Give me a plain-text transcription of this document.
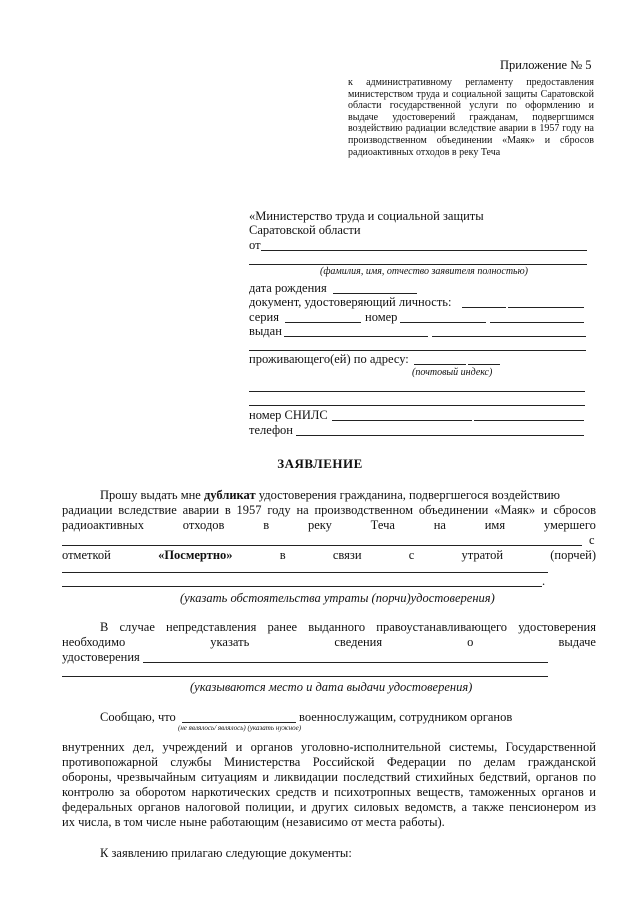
Приложение № 5
к административному регламенту предоставления министерством труда и социальной защиты Саратовской области государственной услуги по оформлению и выдаче удостоверений гражданам, подвергшимся воздействию радиации вследствие аварии в 1957 году на производственном объединении «Маяк» и сбросов радиоактивных отходов в реку Теча
«Министерство труда и социальной защиты
Саратовской области
от
(фамилия, имя, отчество заявителя полностью)
дата рождения
документ, удостоверяющий личность:
серия	номер
выдан
проживающего(ей) по адресу:
(почтовый индекс)
номер СНИЛС
телефон
ЗАЯВЛЕНИЕ
Прошу выдать мне дубликат удостоверения гражданина, подвергшегося воздействию
радиации вследствие аварии в 1957 году на производственном объединении «Маяк» и сбросов
радиоактивных	отходов	в	реку	Теча	на	имя	умершего
с
отметкой	«Посмертно»	в	связи	с	утратой	(порчей)
.
(указать обстоятельства утраты (порчи)удостоверения)
В случае непредставления ранее выданного правоустанавливающего удостоверения
необходимо	указать	сведения	о	выдаче
удостоверения
(указываются место и дата выдачи удостоверения)
Сообщаю, что	военнослужащим, сотрудником органов
(не являлось/ являлось) (указать нужное)
внутренних дел, учреждений и органов уголовно-исполнительной системы, Государственной
противопожарной службы Министерства Российской Федерации по делам гражданской
обороны, чрезвычайным ситуациям и ликвидации последствий стихийных бедствий, органов по
контролю за оборотом наркотических средств и психотропных веществ, таможенных органов и
федеральных органов налоговой полиции, и других силовых ведомств, а также пенсионером из
их числа, в том числе ныне работающим (независимо от места работы).
К заявлению прилагаю следующие документы:
